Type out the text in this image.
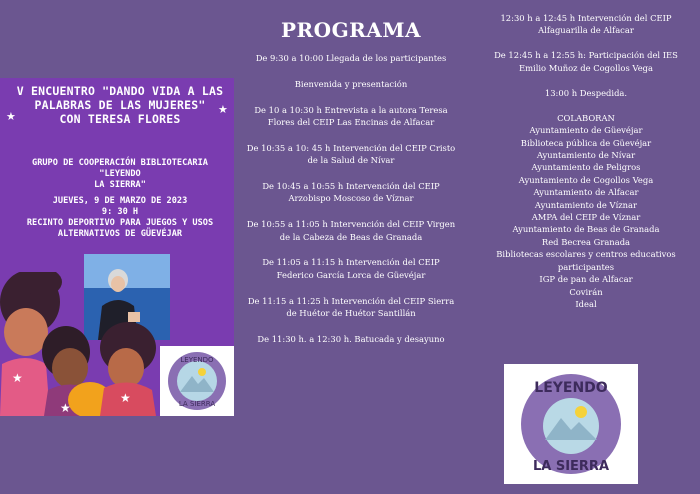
V ENCUENTRO "DANDO VIDA A LAS
PALABRAS DE LAS MUJERES"
CON TERESA FLORES
★
★
GRUPO DE COOPERACIÓN BIBLIOTECARIA "LEYENDO
LA SIERRA"
JUEVES, 9 DE MARZO DE 2023
9: 30 H
RECINTO DEPORTIVO PARA JUEGOS Y USOS
ALTERNATIVOS DE GÜEVÉJAR
★
★
★
LEYENDO
LA SIERRA
PROGRAMA
De 9:30 a 10:00 Llegada de los participantes
Bienvenida y presentación
De 10 a 10:30 h Entrevista a la autora Teresa Flores del CEIP Las Encinas de Alfacar
De 10:35 a 10: 45 h Intervención del CEIP Cristo de la Salud de Nívar
De 10:45 a 10:55 h Intervención del CEIP Arzobispo Moscoso de Víznar
De 10:55 a 11:05 h Intervención del CEIP Virgen de la Cabeza de Beas de Granada
De 11:05 a 11:15 h Intervención del CEIP Federico García Lorca de Güevéjar
De 11:15 a 11:25 h Intervención del CEIP Sierra de Huétor de Huétor Santillán
De 11:30 h. a 12:30 h. Batucada y desayuno
12:30 h a 12:45 h Intervención del CEIP Alfaguarilla de Alfacar
De 12:45 h a 12:55 h: Participación del IES Emilio Muñoz de Cogollos Vega
13:00 h Despedida.
COLABORAN
Ayuntamiento de Güevéjar
Biblioteca pública de Güevéjar
Ayuntamiento de Nívar
Ayuntamiento de Peligros
Ayuntamiento de Cogollos Vega
Ayuntamiento de Alfacar
Ayuntamiento de Víznar
AMPA del CEIP de Víznar
Ayuntamiento de Beas de Granada
Red Becrea Granada
Bibliotecas escolares y centros educativos participantes
IGP de pan de Alfacar
Covirán
Ideal
LEYENDO
LA SIERRA
